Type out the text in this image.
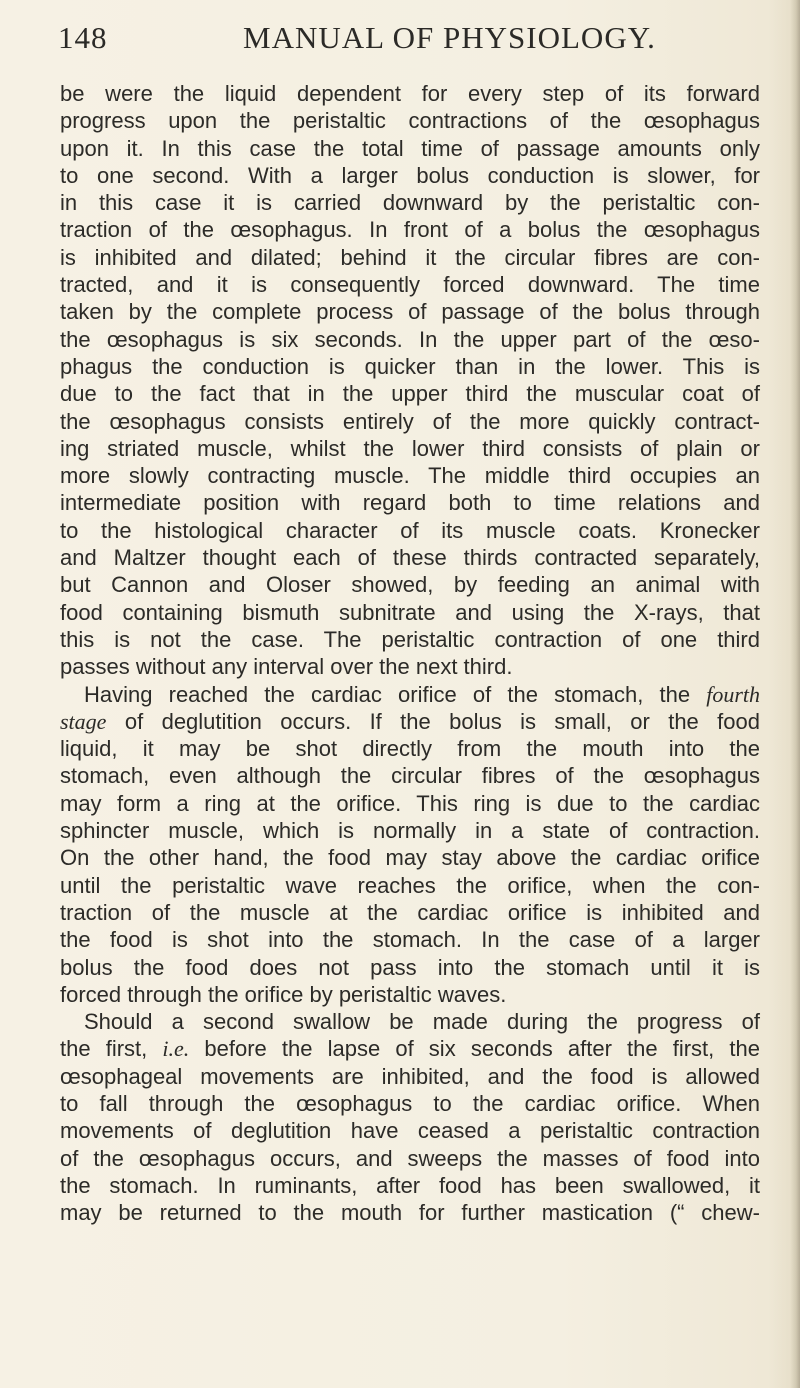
148	MANUAL OF PHYSIOLOGY.
be were the liquid dependent for every step of its forward
progress upon the peristaltic contractions of the œsophagus
upon it. In this case the total time of passage amounts only
to one second. With a larger bolus conduction is slower, for
in this case it is carried downward by the peristaltic con-
traction of the œsophagus. In front of a bolus the œsophagus
is inhibited and dilated; behind it the circular fibres are con-
tracted, and it is consequently forced downward. The time
taken by the complete process of passage of the bolus through
the œsophagus is six seconds. In the upper part of the œso-
phagus the conduction is quicker than in the lower. This is
due to the fact that in the upper third the muscular coat of
the œsophagus consists entirely of the more quickly contract-
ing striated muscle, whilst the lower third consists of plain or
more slowly contracting muscle. The middle third occupies an
intermediate position with regard both to time relations and
to the histological character of its muscle coats. Kronecker
and Maltzer thought each of these thirds contracted separately,
but Cannon and Oloser showed, by feeding an animal with
food containing bismuth subnitrate and using the X-rays, that
this is not the case. The peristaltic contraction of one third
passes without any interval over the next third.
Having reached the cardiac orifice of the stomach, the fourth
stage of deglutition occurs. If the bolus is small, or the food
liquid, it may be shot directly from the mouth into the
stomach, even although the circular fibres of the œsophagus
may form a ring at the orifice. This ring is due to the cardiac
sphincter muscle, which is normally in a state of contraction.
On the other hand, the food may stay above the cardiac orifice
until the peristaltic wave reaches the orifice, when the con-
traction of the muscle at the cardiac orifice is inhibited and
the food is shot into the stomach. In the case of a larger
bolus the food does not pass into the stomach until it is
forced through the orifice by peristaltic waves.
Should a second swallow be made during the progress of
the first, i.e. before the lapse of six seconds after the first, the
œsophageal movements are inhibited, and the food is allowed
to fall through the œsophagus to the cardiac orifice. When
movements of deglutition have ceased a peristaltic contraction
of the œsophagus occurs, and sweeps the masses of food into
the stomach. In ruminants, after food has been swallowed, it
may be returned to the mouth for further mastication (“ chew-
